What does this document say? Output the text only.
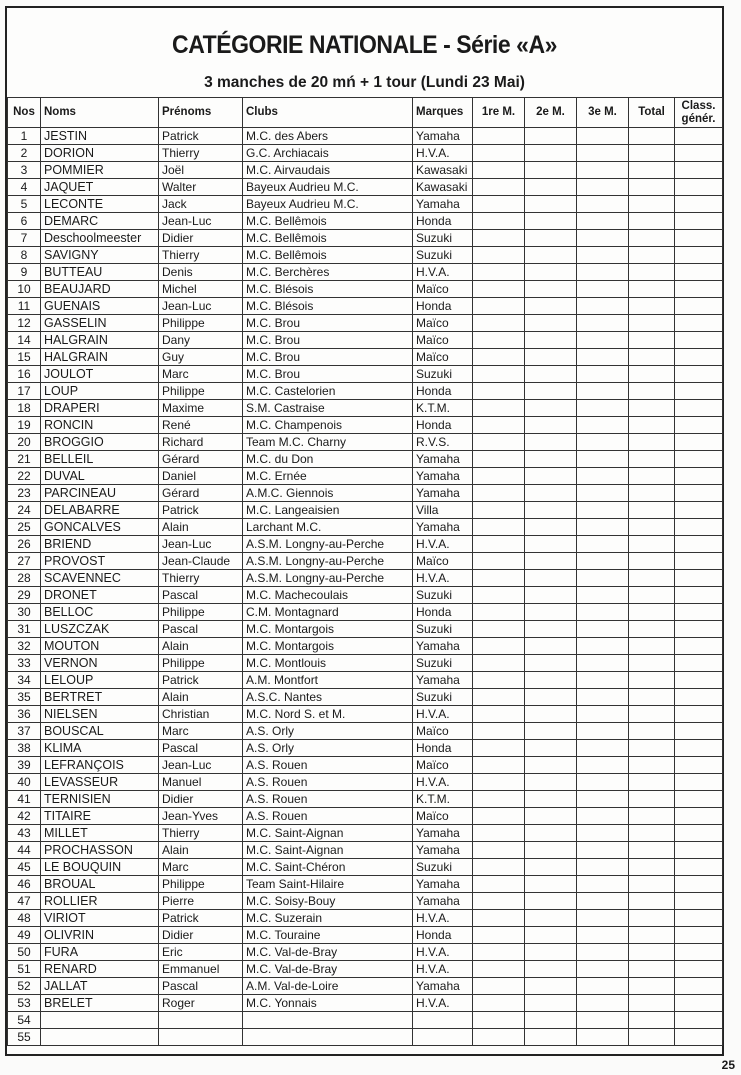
CATÉGORIE NATIONALE - Série «A»
3 manches de 20 mń + 1 tour (Lundi 23 Mai)
Nos	Noms	Prénoms	Clubs	Marques	1re M.	2e M.	3e M.	Total	Class. génér.
1	JESTIN	Patrick	M.C. des Abers	Yamaha					
2	DORION	Thierry	G.C. Archiacais	H.V.A.					
3	POMMIER	Joël	M.C. Airvaudais	Kawasaki					
4	JAQUET	Walter	Bayeux Audrieu M.C.	Kawasaki					
5	LECONTE	Jack	Bayeux Audrieu M.C.	Yamaha					
6	DEMARC	Jean-Luc	M.C. Bellêmois	Honda					
7	Deschoolmeester	Didier	M.C. Bellêmois	Suzuki					
8	SAVIGNY	Thierry	M.C. Bellêmois	Suzuki					
9	BUTTEAU	Denis	M.C. Berchères	H.V.A.					
10	BEAUJARD	Michel	M.C. Blésois	Maïco					
11	GUENAIS	Jean-Luc	M.C. Blésois	Honda					
12	GASSELIN	Philippe	M.C. Brou	Maïco					
14	HALGRAIN	Dany	M.C. Brou	Maïco					
15	HALGRAIN	Guy	M.C. Brou	Maïco					
16	JOULOT	Marc	M.C. Brou	Suzuki					
17	LOUP	Philippe	M.C. Castelorien	Honda					
18	DRAPERI	Maxime	S.M. Castraise	K.T.M.					
19	RONCIN	René	M.C. Champenois	Honda					
20	BROGGIO	Richard	Team M.C. Charny	R.V.S.					
21	BELLEIL	Gérard	M.C. du Don	Yamaha					
22	DUVAL	Daniel	M.C. Ernée	Yamaha					
23	PARCINEAU	Gérard	A.M.C. Giennois	Yamaha					
24	DELABARRE	Patrick	M.C. Langeaisien	Villa					
25	GONCALVES	Alain	Larchant M.C.	Yamaha					
26	BRIEND	Jean-Luc	A.S.M. Longny-au-Perche	H.V.A.					
27	PROVOST	Jean-Claude	A.S.M. Longny-au-Perche	Maïco					
28	SCAVENNEC	Thierry	A.S.M. Longny-au-Perche	H.V.A.					
29	DRONET	Pascal	M.C. Machecoulais	Suzuki					
30	BELLOC	Philippe	C.M. Montagnard	Honda					
31	LUSZCZAK	Pascal	M.C. Montargois	Suzuki					
32	MOUTON	Alain	M.C. Montargois	Yamaha					
33	VERNON	Philippe	M.C. Montlouis	Suzuki					
34	LELOUP	Patrick	A.M. Montfort	Yamaha					
35	BERTRET	Alain	A.S.C. Nantes	Suzuki					
36	NIELSEN	Christian	M.C. Nord S. et M.	H.V.A.					
37	BOUSCAL	Marc	A.S. Orly	Maïco					
38	KLIMA	Pascal	A.S. Orly	Honda					
39	LEFRANÇOIS	Jean-Luc	A.S. Rouen	Maïco					
40	LEVASSEUR	Manuel	A.S. Rouen	H.V.A.					
41	TERNISIEN	Didier	A.S. Rouen	K.T.M.					
42	TITAIRE	Jean-Yves	A.S. Rouen	Maïco					
43	MILLET	Thierry	M.C. Saint-Aignan	Yamaha					
44	PROCHASSON	Alain	M.C. Saint-Aignan	Yamaha					
45	LE BOUQUIN	Marc	M.C. Saint-Chéron	Suzuki					
46	BROUAL	Philippe	Team Saint-Hilaire	Yamaha					
47	ROLLIER	Pierre	M.C. Soisy-Bouy	Yamaha					
48	VIRIOT	Patrick	M.C. Suzerain	H.V.A.					
49	OLIVRIN	Didier	M.C. Touraine	Honda					
50	FURA	Eric	M.C. Val-de-Bray	H.V.A.					
51	RENARD	Emmanuel	M.C. Val-de-Bray	H.V.A.					
52	JALLAT	Pascal	A.M. Val-de-Loire	Yamaha					
53	BRELET	Roger	M.C. Yonnais	H.V.A.					
54									
55									
25
